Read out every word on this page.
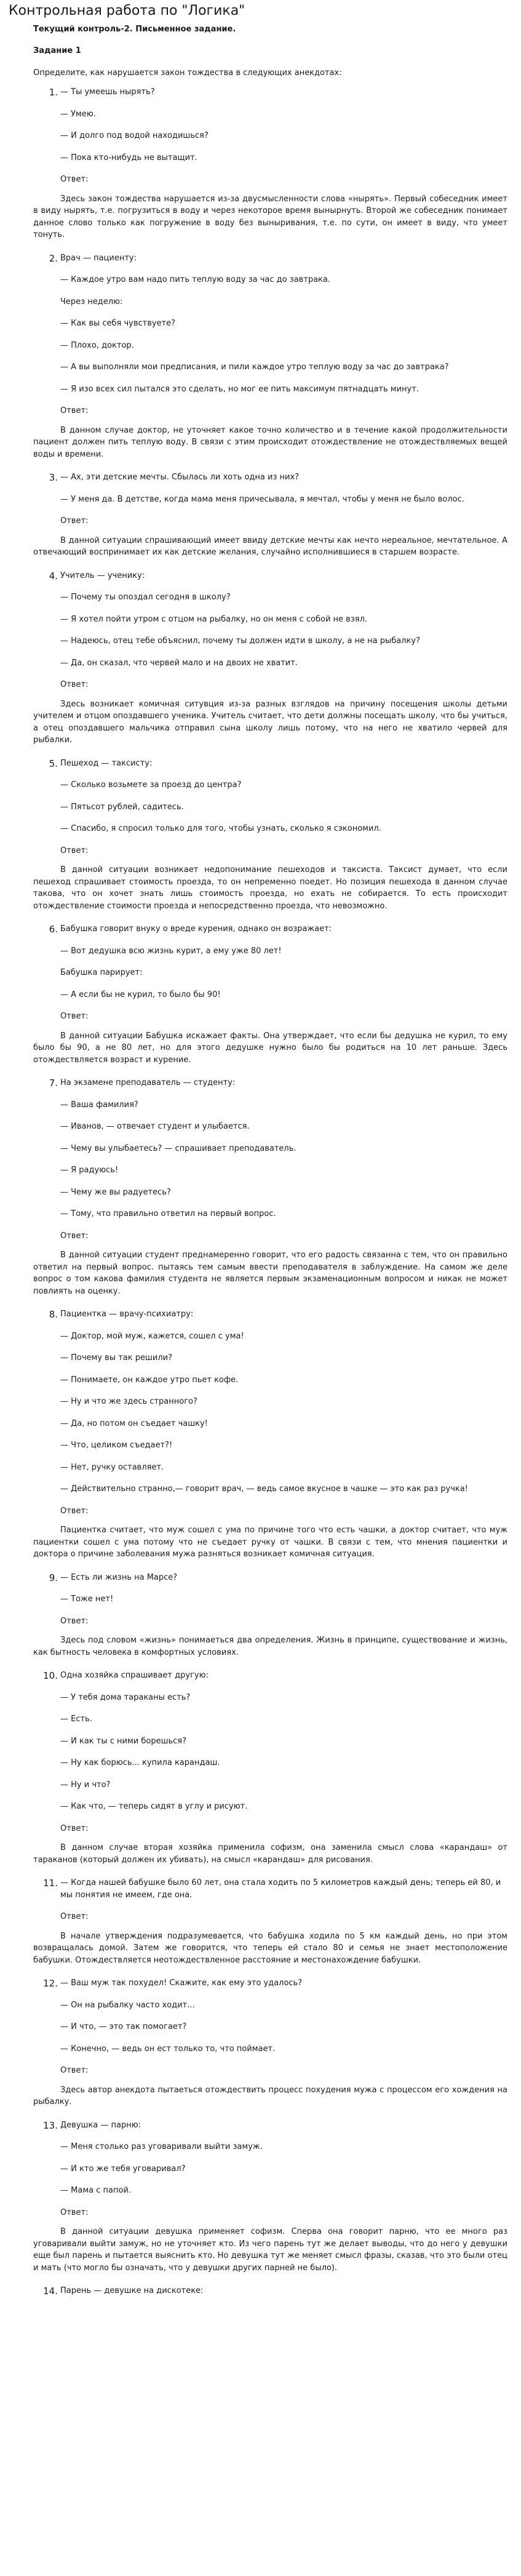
Контрольная работа по "Логика"

Текущий контроль-2. Письменное задание.

Задание 1

Определите, как нарушается закон тождества в следующих анекдотах:

1. — Ты умеешь нырять?

— Умею.

— И долго под водой находишься?

— Пока кто-нибудь не вытащит.

Ответ:

Здесь закон тождества нарушается из-за двусмысленности слова «нырять». Первый собеседник имеет в виду нырять, т.е. погрузиться в воду и через некоторое время вынырнуть. Второй же собеседник понимает данное слово только как погружение в воду без выныривания, т.е. по сути, он имеет в виду, что умеет тонуть.

2. Врач — пациенту:

— Каждое утро вам надо пить теплую воду за час до завтрака.

Через неделю:

— Как вы себя чувствуете?

— Плохо, доктор.

— А вы выполняли мои предписания, и пили каждое утро теплую воду за час до завтрака?

— Я изо всех сил пытался это сделать, но мог ее пить максимум пятнадцать минут.

Ответ:

В данном случае доктор, не уточняет какое точно количество и в течение какой продолжительности пациент должен пить теплую воду. В связи с этим происходит отождествление не отождествляемых вещей воды и времени.

3. — Ах, эти детские мечты. Сбылась ли хоть одна из них?

— У меня да. В детстве, когда мама меня причесывала, я мечтал, чтобы у меня не было волос.

Ответ:

В данной ситуации спрашивающий имеет ввиду детские мечты как нечто нереальное, мечтательное. А отвечающий воспринимает их как детские желания, случайно исполнившиеся в старшем возрасте.

4. Учитель — ученику:

— Почему ты опоздал сегодня в школу?

— Я хотел пойти утром с отцом на рыбалку, но он меня с собой не взял.

— Надеюсь, отец тебе объяснил, почему ты должен идти в школу, а не на рыбалку?

— Да, он сказал, что червей мало и на двоих не хватит.

Ответ:

Здесь возникает комичная ситувция из-за разных взглядов на причину посещения школы детьми учителем и отцом опоздавшего ученика. Учитель считает, что дети должны посещать школу, что бы учиться, а отец опоздавшего мальчика отправил сына школу лишь потому, что на него не хватило червей для рыбалки.

5. Пешеход — таксисту:

— Сколько возьмете за проезд до центра?

— Пятьсот рублей, садитесь.

— Спасибо, я спросил только для того, чтобы узнать, сколько я сэкономил.

Ответ:

В данной ситуации возникает недопонимание пешеходов и таксиста. Таксист думает, что если пешеход спрашивает стоимость проезда, то он непременно поедет. Но позиция пешехода в данном случае такова, что он хочет знать лишь стоимость проезда, но ехать не собирается. То есть происходит отождествление стоимости проезда и непосредственно проезда, что невозможно.

6. Бабушка говорит внуку о вреде курения, однако он возражает:

— Вот дедушка всю жизнь курит, а ему уже 80 лет!

Бабушка парирует:

— А если бы не курил, то было бы 90!

Ответ:

В данной ситуации Бабушка искажает факты. Она утверждает, что если бы дедушка не курил, то ему было бы 90, а не 80 лет, но для этого дедушке нужно было бы родиться на 10 лет раньше. Здесь отождествляется возраст и курение.

7. На экзамене преподаватель — студенту:

— Ваша фамилия?

— Иванов, — отвечает студент и улыбается.

— Чему вы улыбаетесь? — спрашивает преподаватель.

— Я радуюсь!

— Чему же вы радуетесь?

— Тому, что правильно ответил на первый вопрос.

Ответ:

В данной ситуации студент преднамеренно говорит, что его радость связанна с тем, что он правильно ответил на первый вопрос. пытаясь тем самым ввести преподавателя в заблуждение. На самом же деле вопрос о том какова фамилия студента не является первым экзаменационным вопросом и никак не может повлиять на оценку.

8. Пациентка — врачу-психиатру:

— Доктор, мой муж, кажется, сошел с ума!

— Почему вы так решили?

— Понимаете, он каждое утро пьет кофе.

— Ну и что же здесь странного?

— Да, но потом он съедает чашку!

— Что, целиком съедает?!

— Нет, ручку оставляет.

— Действительно странно,— говорит врач, — ведь самое вкусное в чашке — это как раз ручка!

Ответ:

Пациентка считает, что муж сошел с ума по причине того что есть чашки, а доктор считает, что муж пациентки сошел с ума потому что не съедает ручку от чашки. В связи с тем, что мнения пациентки и доктора о причине заболевания мужа разняться возникает комичная ситуация.

9. — Есть ли жизнь на Марсе?

— Тоже нет!

Ответ:

Здесь под словом «жизнь» понимаеться два определения. Жизнь в принципе, существование и жизнь, как бытность человека в комфортных условиях.

10. Одна хозяйка спрашивает другую:

— У тебя дома тараканы есть?

— Есть.

— И как ты с ними борешься?

— Ну как борюсь... купила карандаш.

— Ну и что?

— Как что, — теперь сидят в углу и рисуют.

Ответ:

В данном случае вторая хозяйка применила софизм, она заменила смысл слова «карандаш» от тараканов (который должен их убивать), на смысл «карандаш» для рисования.

11. — Когда нашей бабушке было 60 лет, она стала ходить по 5 километров каждый день; теперь ей 80, и мы понятия не имеем, где она.

Ответ:

В начале утверждения подразумевается, что бабушка ходила по 5 км каждый день, но при этом возвращалась домой. Затем же говорится, что теперь ей стало 80 и семья не знает местоположение бабушки. Отождествляется неотождествленное расстояние и местонахождение бабушки.

12. — Ваш муж так похудел! Скажите, как ему это удалось?

— Он на рыбалку часто ходит...

— И что, — это так помогает?

— Конечно, — ведь он ест только то, что поймает.

Ответ:

Здесь автор анекдота пытаеться отождествить процесс похудения мужа с процессом его хождения на рыбалку.

13. Девушка — парню:

— Меня столько раз уговаривали выйти замуж.

— И кто же тебя уговаривал?

— Мама с папой.

Ответ:

В данной ситуации девушка применяет софизм. Сперва она говорит парню, что ее много раз уговаривали выйти замуж, но не уточняет кто. Из чего парень тут же делает выводы, что до него у девушки еще был парень и пытается выяснить кто. Но девушка тут же меняет смысл фразы, сказав, что это были отец и мать (что могло бы означать, что у девушки других парней не было).

14. Парень — девушке на дискотеке:
